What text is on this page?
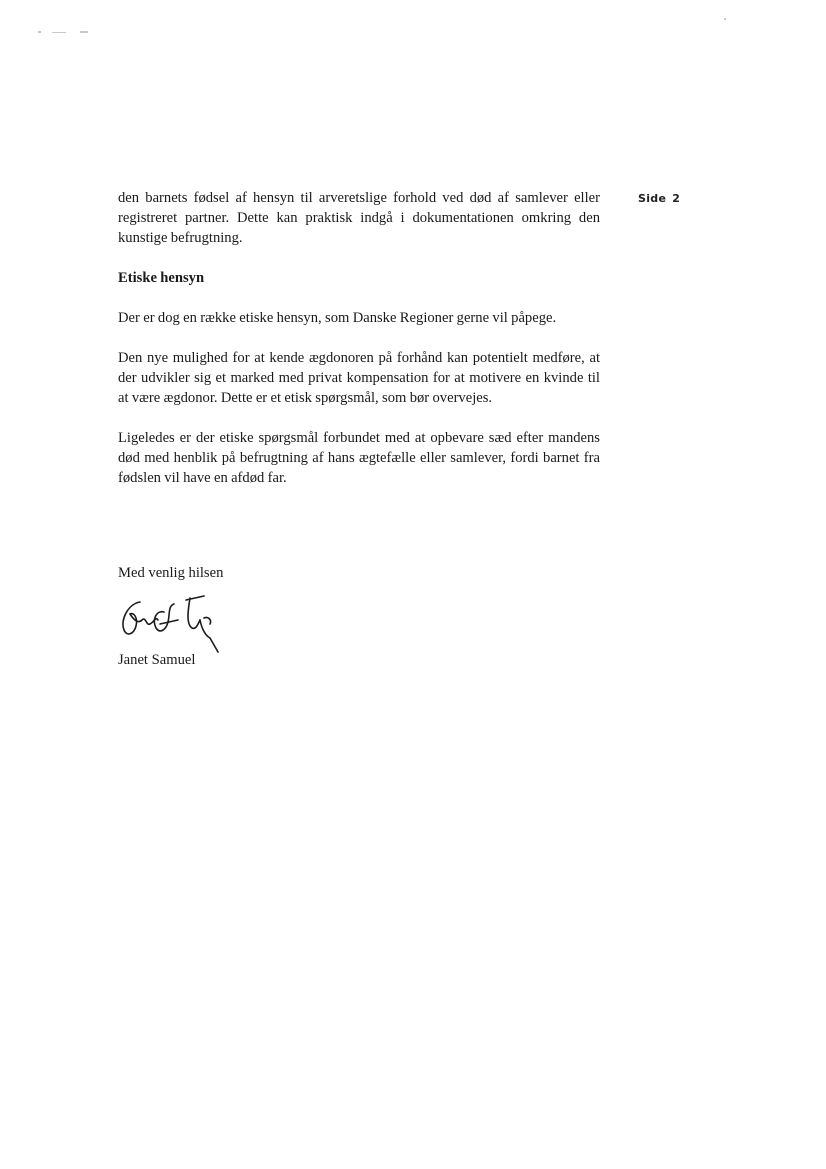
Side 2

den barnets fødsel af hensyn til arveretslige forhold ved død af samlever eller registreret partner. Dette kan praktisk indgå i dokumentationen omkring den kunstige befrugtning.

Etiske hensyn

Der er dog en række etiske hensyn, som Danske Regioner gerne vil påpege.

Den nye mulighed for at kende ægdonoren på forhånd kan potentielt medføre, at der udvikler sig et marked med privat kompensation for at motivere en kvinde til at være ægdonor. Dette er et etisk spørgsmål, som bør overvejes.

Ligeledes er der etiske spørgsmål forbundet med at opbevare sæd efter mandens død med henblik på befrugtning af hans ægtefælle eller samlever, fordi barnet fra fødslen vil have en afdød far.

Med venlig hilsen
Janet Samuel
